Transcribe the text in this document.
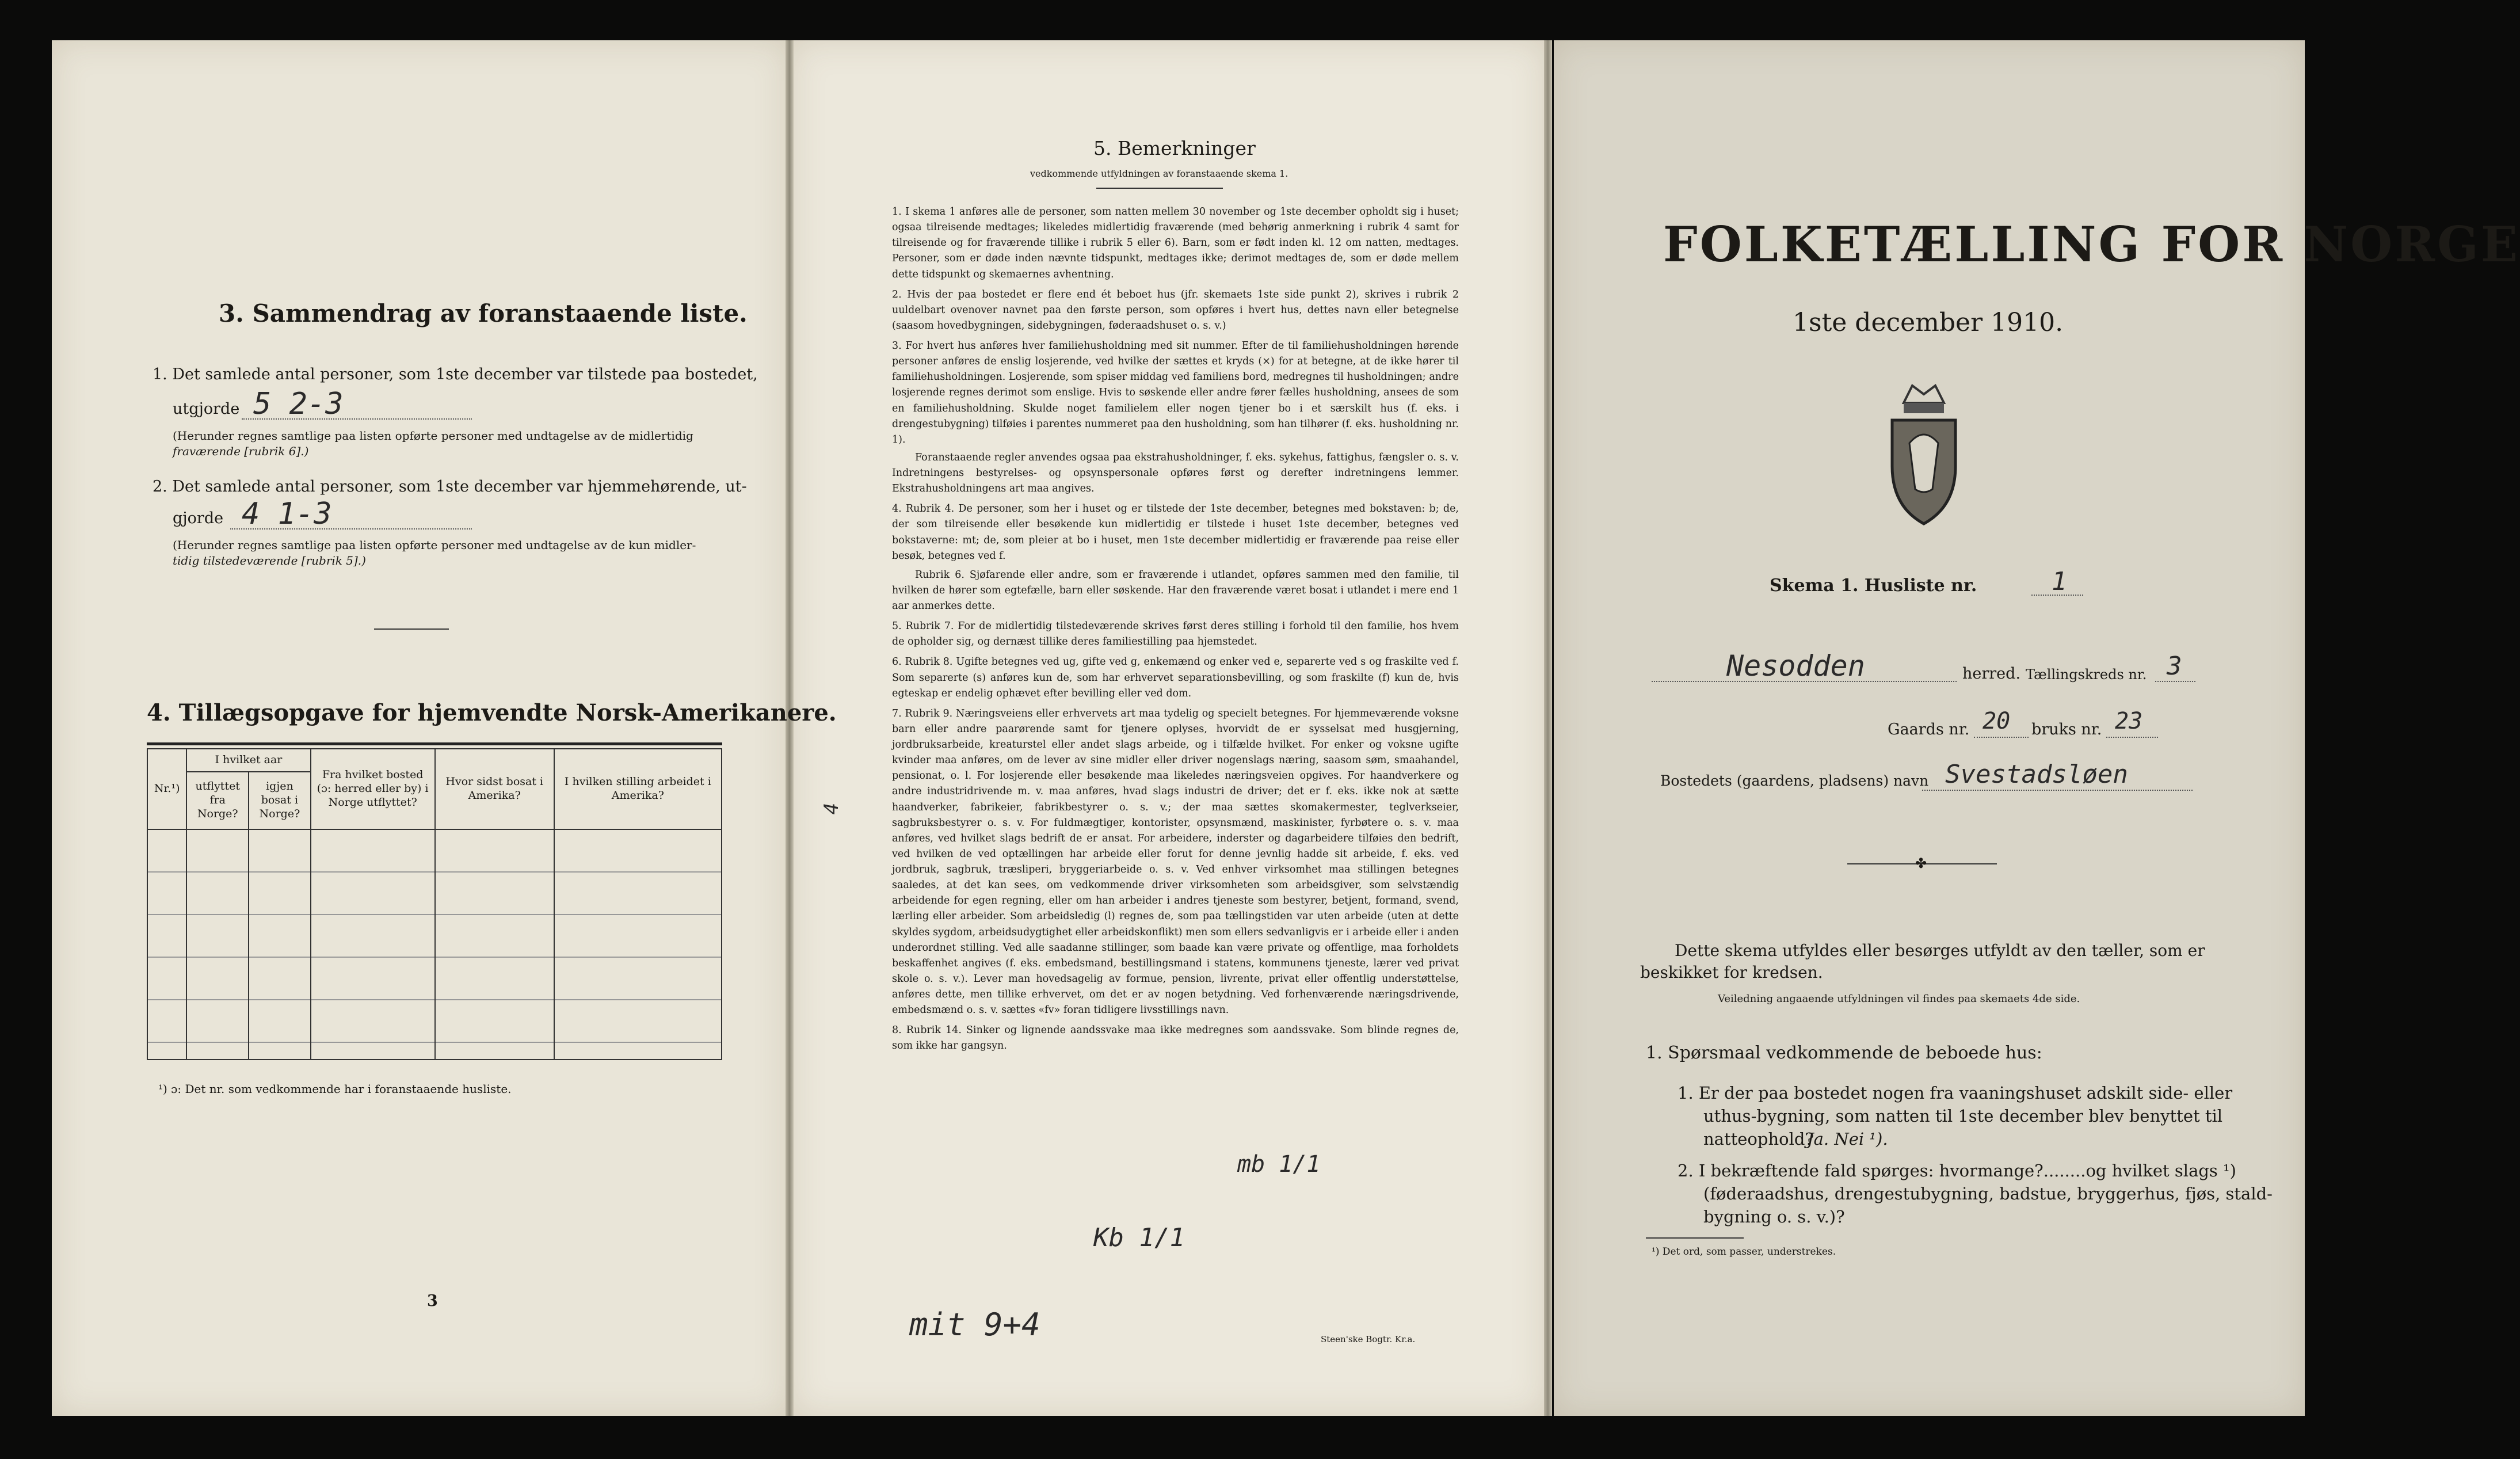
3. Sammendrag av foranstaaende liste.
1. Det samlede antal personer, som 1ste december var tilstede paa bostedet,
utgjorde 5 2-3
(Herunder regnes samtlige paa listen opførte personer med undtagelse av de midlertidig
fraværende [rubrik 6].)
2. Det samlede antal personer, som 1ste december var hjemmehørende, ut-
gjorde 4 1-3
(Herunder regnes samtlige paa listen opførte personer med undtagelse av de kun midler-
tidig tilstedeværende [rubrik 5].)
4. Tillægsopgave for hjemvendte Norsk-Amerikanere.
Nr.¹)	I hvilket aar		Fra hvilket bosted (ɔ: herred eller by) i Norge utflyttet?	Hvor sidst bosat i Amerika?	I hvilken stilling arbeidet i Amerika?
	utflyttet fra Norge?	igjen bosat i Norge?			

¹) ɔ: Det nr. som vedkommende har i foranstaaende husliste.
3
5. Bemerkninger
vedkommende utfyldningen av foranstaaende skema 1.

1. I skema 1 anføres alle de personer, som natten mellem 30 november og 1ste december opholdt sig i huset; ogsaa tilreisende medtages; likeledes midlertidig fraværende (med behørig anmerkning i rubrik 4 samt for tilreisende og for fraværende tillike i rubrik 5 eller 6). Barn, som er født inden kl. 12 om natten, medtages. Personer, som er døde inden nævnte tidspunkt, medtages ikke; derimot medtages de, som er døde mellem dette tidspunkt og skemaernes avhentning.

2. Hvis der paa bostedet er flere end ét beboet hus (jfr. skemaets 1ste side punkt 2), skrives i rubrik 2 uuldelbart ovenover navnet paa den første person, som opføres i hvert hus, dettes navn eller betegnelse (saasom hovedbygningen, sidebygningen, føderaadshuset o. s. v.)

3. For hvert hus anføres hver familiehusholdning med sit nummer. Efter de til familiehusholdningen hørende personer anføres de enslig losjerende, ved hvilke der sættes et kryds (×) for at betegne, at de ikke hører til familiehusholdningen. Losjerende, som spiser middag ved familiens bord, medregnes til husholdningen; andre losjerende regnes derimot som enslige. Hvis to søskende eller andre fører fælles husholdning, ansees de som en familiehusholdning. Skulde noget familielem eller nogen tjener bo i et særskilt hus (f. eks. i drengestubygning) tilføies i parentes nummeret paa den husholdning, som han tilhører (f. eks. husholdning nr. 1).

Foranstaaende regler anvendes ogsaa paa ekstrahusholdninger, f. eks. sykehus, fattighus, fængsler o. s. v. Indretningens bestyrelses- og opsynspersonale opføres først og derefter indretningens lemmer. Ekstrahusholdningens art maa angives.

4. Rubrik 4. De personer, som her i huset og er tilstede der 1ste december, betegnes med bokstaven: b; de, der som tilreisende eller besøkende kun midlertidig er tilstede i huset 1ste december, betegnes ved bokstaverne: mt; de, som pleier at bo i huset, men 1ste december midlertidig er fraværende paa reise eller besøk, betegnes ved f.

Rubrik 6. Sjøfarende eller andre, som er fraværende i utlandet, opføres sammen med den familie, til hvilken de hører som egtefælle, barn eller søskende. Har den fraværende været bosat i utlandet i mere end 1 aar anmerkes dette.

5. Rubrik 7. For de midlertidig tilstedeværende skrives først deres stilling i forhold til den familie, hos hvem de opholder sig, og dernæst tillike deres familiestilling paa hjemstedet.

6. Rubrik 8. Ugifte betegnes ved ug, gifte ved g, enkemænd og enker ved e, separerte ved s og fraskilte ved f. Som separerte (s) anføres kun de, som har erhvervet separationsbevilling, og som fraskilte (f) kun de, hvis egteskap er endelig ophævet efter bevilling eller ved dom.

7. Rubrik 9. Næringsveiens eller erhvervets art maa tydelig og specielt betegnes. For hjemmeværende voksne barn eller andre paarørende samt for tjenere oplyses, hvorvidt de er sysselsat med husgjerning, jordbruksarbeide, kreaturstel eller andet slags arbeide, og i tilfælde hvilket. For enker og voksne ugifte kvinder maa anføres, om de lever av sine midler eller driver nogenslags næring, saasom søm, smaahandel, pensionat, o. l. For losjerende eller besøkende maa likeledes næringsveien opgives. For haandverkere og andre industridrivende m. v. maa anføres, hvad slags industri de driver; det er f. eks. ikke nok at sætte haandverker, fabrikeier, fabrikbestyrer o. s. v.; der maa sættes skomakermester, teglverkseier, sagbruksbestyrer o. s. v. For fuldmægtiger, kontorister, opsynsmænd, maskinister, fyrbøtere o. s. v. maa anføres, ved hvilket slags bedrift de er ansat. For arbeidere, inderster og dagarbeidere tilføies den bedrift, ved hvilken de ved optællingen har arbeide eller forut for denne jevnlig hadde sit arbeide, f. eks. ved jordbruk, sagbruk, træsliperi, bryggeriarbeide o. s. v. Ved enhver virksomhet maa stillingen betegnes saaledes, at det kan sees, om vedkommende driver virksomheten som arbeidsgiver, som selvstændig arbeidende for egen regning, eller om han arbeider i andres tjeneste som bestyrer, betjent, formand, svend, lærling eller arbeider. Som arbeidsledig (l) regnes de, som paa tællingstiden var uten arbeide (uten at dette skyldes sygdom, arbeidsudygtighet eller arbeidskonflikt) men som ellers sedvanligvis er i arbeide eller i anden underordnet stilling. Ved alle saadanne stillinger, som baade kan være private og offentlige, maa forholdets beskaffenhet angives (f. eks. embedsmand, bestillingsmand i statens, kommunens tjeneste, lærer ved privat skole o. s. v.). Lever man hovedsagelig av formue, pension, livrente, privat eller offentlig understøttelse, anføres dette, men tillike erhvervet, om det er av nogen betydning. Ved forhenværende næringsdrivende, embedsmænd o. s. v. sættes «fv» foran tidligere livsstillings navn.

8. Rubrik 14. Sinker og lignende aandssvake maa ikke medregnes som aandssvake. Som blinde regnes de, som ikke har gangsyn.

4
mb 1/1
Kb 1/1
mit 9+4	Steen'ske Bogtr. Kr.a.
FOLKETÆLLING FOR NORGE
1ste december 1910.
Skema 1. Husliste nr.	1
Nesodden	herred. Tællingskreds nr. 3
Gaards nr. 20 bruks nr. 23
Bostedets (gaardens, pladsens) navn Svestadsløen
✤
Dette skema utfyldes eller besørges utfyldt av den tæller, som er
beskikket for kredsen.
Veiledning angaaende utfyldningen vil findes paa skemaets 4de side.
1. Spørsmaal vedkommende de beboede hus:
1. Er der paa bostedet nogen fra vaaningshuset adskilt side- eller
uthus-bygning, som natten til 1ste december blev benyttet til
natteophold?
Ja. Nei ¹).
2. I bekræftende fald spørges: hvormange?........og hvilket slags ¹)
(føderaadshus, drengestubygning, badstue, bryggerhus, fjøs, stald-
bygning o. s. v.)?
¹) Det ord, som passer, understrekes.
